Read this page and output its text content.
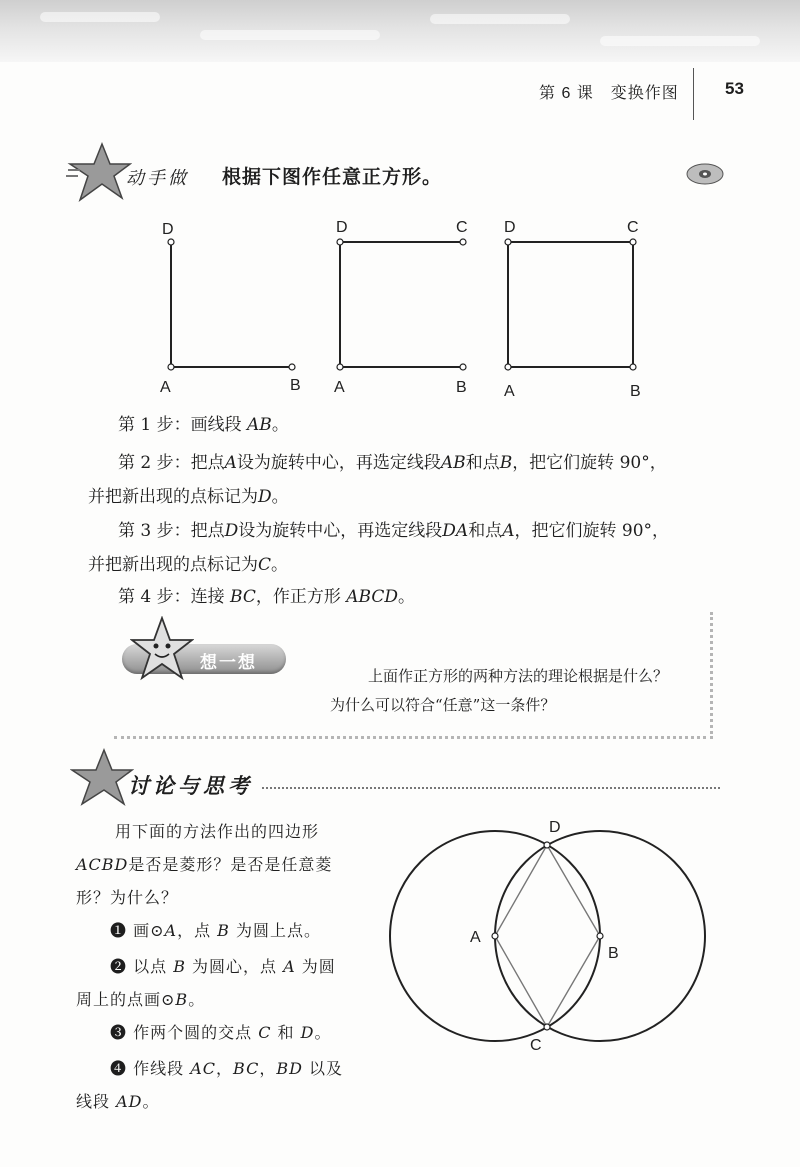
第 6 课　变换作图	53
动手做 根据下图作任意正方形。
D
A	B
D	C
A	B
D	C
A	B
第 1 步：画线段 AB。
第 2 步：把点A设为旋转中心，再选定线段AB和点B，把它们旋转 90°，
并把新出现的点标记为D。
第 3 步：把点D设为旋转中心，再选定线段DA和点A，把它们旋转 90°，
并把新出现的点标记为C。
第 4 步：连接 BC，作正方形 ABCD。
想一想
上面作正方形的两种方法的理论根据是什么？
为什么可以符合“任意”这一条件？
讨论与思考
用下面的方法作出的四边形
ACBD是否是菱形？是否是任意菱
形？为什么？
❶ 画⊙A，点 B 为圆上点。
❷ 以点 B 为圆心，点 A 为圆
周上的点画⊙B。
❸ 作两个圆的交点 C 和 D。
❹ 作线段 AC，BC，BD 以及
线段 AD。
A
B
C
D
